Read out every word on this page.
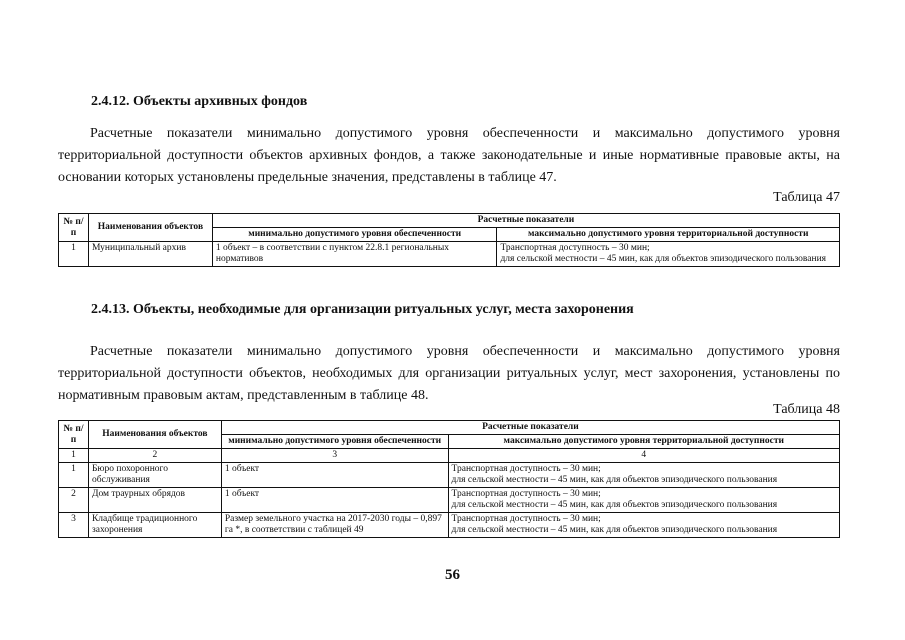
2.4.12. Объекты архивных фондов

Расчетные показатели минимально допустимого уровня обеспеченности и максимально допустимого уровня территориальной доступности объектов архивных фондов, а также законодательные и иные нормативные правовые акты, на основании которых установлены предельные значения, представлены в таблице 47.

Таблица 47
№ п/п	Наименования объектов	Расчетные показатели	
		минимально допустимого уровня обеспеченности	максимально допустимого уровня территориальной доступности
1	Муниципальный архив	1 объект – в соответствии с пунктом 22.8.1 региональных нормативов	Транспортная доступность – 30 мин;
для сельской местности – 45 мин, как для объектов эпизодического пользования
2.4.13. Объекты, необходимые для организации ритуальных услуг, места захоронения

Расчетные показатели минимально допустимого уровня обеспеченности и максимально допустимого уровня территориальной доступности объектов, необходимых для организации ритуальных услуг, мест захоронения, установлены по нормативным правовым актам, представленным в таблице 48.

Таблица 48
№ п/п	Наименования объектов	Расчетные показатели	
		минимально допустимого уровня обеспеченности	максимально допустимого уровня территориальной доступности
1	2	3	4
1	Бюро похоронного обслуживания	1 объект	Транспортная доступность – 30 мин;
для сельской местности – 45 мин, как для объектов эпизодического пользования

2	Дом траурных обрядов	1 объект	Транспортная доступность – 30 мин;
для сельской местности – 45 мин, как для объектов эпизодического пользования

3	Кладбище традиционного захоронения	Размер земельного участка на 2017-2030 годы – 0,897 га *, в соответствии с таблицей 49	Транспортная доступность – 30 мин;
для сельской местности – 45 мин, как для объектов эпизодического пользования
56
